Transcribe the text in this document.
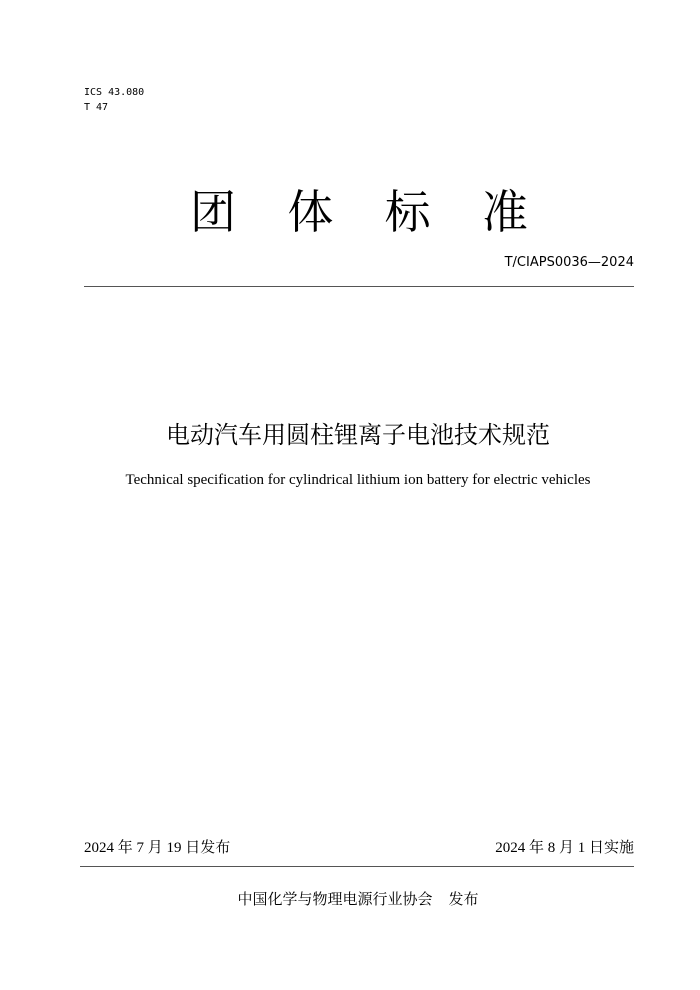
ICS 43.080
T 47
团 体 标 准
T/CIAPS0036—2024
电动汽车用圆柱锂离子电池技术规范
Technical specification for cylindrical lithium ion battery for electric vehicles
2024 年 7 月 19 日发布	2024 年 8 月 1 日实施
中国化学与物理电源行业协会 发布
